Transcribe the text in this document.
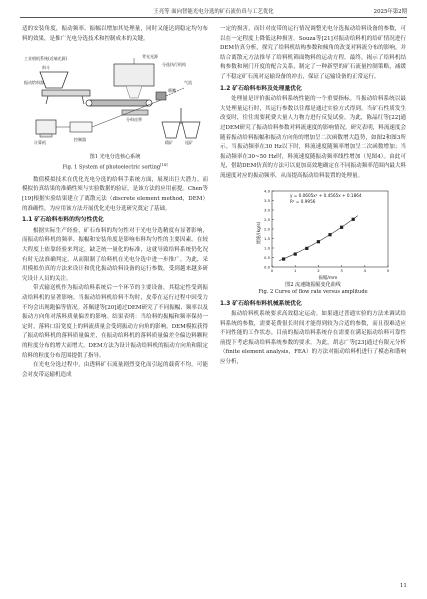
王亮等 面向智能光电分选的矿石流仿真与工艺优化	2025年第2期

适的安装角度，振动频率、振幅以增加其处理量，同时又能达到稳定均匀布料的效果，是推广光电分选技术和控制成本的关键。

工业相机系统(近端光源)
料斗
振动给料器
背光光源
分选执行机构
气流
喷嘴
精矿	尾矿
控制器
分料皮带
计算机
图1 光电分选核心系统
Fig. 1 System of photoelectric sorting[18]

数值模拟技术在优化光电分选的给料手系统方面，展现出巨大潜力。而模拟仿真结果的准确性须与实验数据的验证，是该方法的应用前提。Chen等[19]根据实验结果建立了离散元法（discrete element method，DEM）的准确性，为应用该方法开展优化光电分选研究奠定了基础。

1.1 矿石给料布料的均匀性优化

根据实际生产经验，矿石布料的均匀性对于光电分选精度有显著影响，而振动给料机的频率、振幅和安装角度是影响布料均匀性的主要因素。在较大程度上依靠经验来判定，缺乏统一量化的标准，这就导致给料系统仍化况有时无法准确判定，从而限制了给料机在光电分选中进一步推广。为此，采用模拟仿真的方法来设计和优化振动给料设备的运行参数，受到越来越多研究设计人员的关注。

带式输送机作为振动给料系统后一个环节的主要设备，其稳定性受到振动给料机的显著影响。当振动给料机给料不均时，皮带在运行过程中因受力不均会出现跑偏等情况。苏佩建等[20]通过DEM研究了不同振幅、频率以及振动方向角对落料质量偏差的影响。结果表明：当给料的振幅和频率保持一定时，落料口沿宽度上的料流质量会受到振动方向角的影响。DEM模拟获得了振动给料机的落料质量偏差，在振动给料机的落料质量偏差全偏边料颗粒的粒度分布的增大而增大。DEM方法为设计振动给料机的振动方向角和限定给料的粒度分布范围提供了指导。

在光电分选过程中，由透料矿石流量剧烈变化而引起的载荷不均，可能会对皮带运输机造成

一定的损害，而针对皮带的运行情况调整光电分选振动给料设备的参数，可以在一定程度上降低这种损害。Souza等[21]对振动给料机的给矿情况进行DEM仿真分析，探究了给料机结构参数和倾角的改变对料流分布的影响，并结合离散元方法推导了给料机筛面物料的运动方程。最终，揭示了给料机结构参数和闸门开度的配合关系，制定了一种新型的矿石流量控制策略，减缓了不稳定矿石流对运输设备的冲击，保证了运输设备的正常运行。

1.2 矿石给料布料及处理量优化

处理量是评价振动给料系统性能的一个重要指标。当振动给料系统以最大处理量运行时，其运行参数以往都是通过实验方式得到。当矿石性质发生改变时，往往需要耗费大量人力物力进行反复试验。为此，陈晶红等[22]通过DEM研究了振动给料参数对料流速度的影响情况。研究表明，料流速度会随着振动给料振幅和振动方向角的增加呈二次函数增大趋势，如图2和图3所示。当振动频率在30 Hz以下时，料流速度随频率增加呈二次函数增加；当振动频率在30~50 Hz时，料流速度随振动频率线性增加（见图4）。由此可见，借助DEM仿真的方法可以更加高效地确定在不同振动频率范围内最大料流速度对应的振动频率，从而提高振动给料装置的处理量。

0	1	2	3	4	5
0.0
0.5
1.0
1.5
2.0
2.5
3.0
3.5
4.0
y = 0.0605x² + 0.4565x + 0.1864
R² = 0.9956
振幅/mm
流速/(kg/s)
图2 流速随振幅变化曲线
Fig. 2 Curve of flow rate versus amplitude
1.3 矿石给料布料机械系统优化

振动给料机系统要求高效稳定运动。如果通过普通实验的方法来调试给料系统的参数，需要花费很长时间才能得到较为合适的参数，而且很难适应不同性能的工作状态。目前的振动给料系统存在需要在满足振动给料可靠性前提下考虑振动给料系统参数的要求。为此，胡志广等[23]通过有限元分析（finite element analysis，FEA）的方法对振动给料机进行了模态和谐响应分析，

11
